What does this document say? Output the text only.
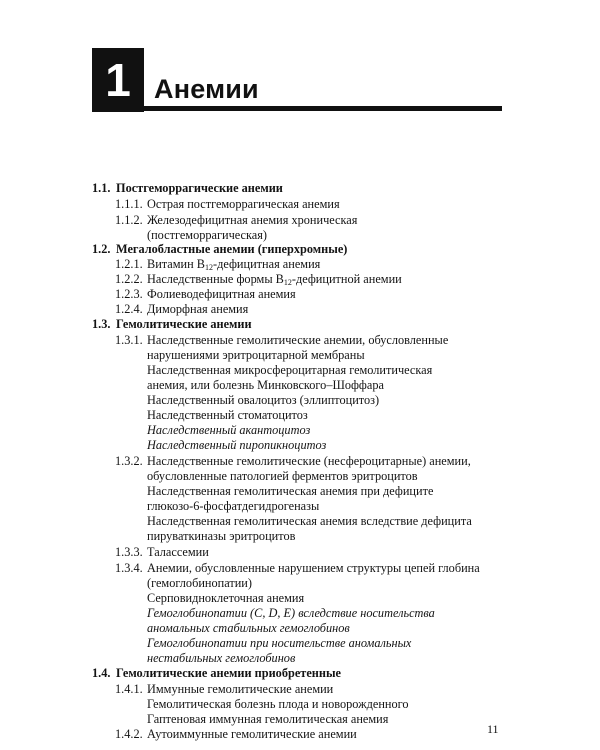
1 Анемии
1.1. Постгеморрагические анемии
1.1.1. Острая постгеморрагическая анемия
1.1.2. Железодефицитная анемия хроническая
(постгеморрагическая)
1.2. Мегалобластные анемии (гиперхромные)
1.2.1. Витамин $B_{12}$-дефицитная анемия
1.2.2. Наследственные формы $B_{12}$-дефицитной анемии
1.2.3. Фолиеводефицитная анемия
1.2.4. Диморфная анемия
1.3. Гемолитические анемии
1.3.1. Наследственные гемолитические анемии, обусловленные
нарушениями эритроцитарной мембраны
Наследственная микросфероцитарная гемолитическая
анемия, или болезнь Минковского–Шоффара
Наследственный овалоцитоз (эллиптоцитоз)
Наследственный стоматоцитоз
Наследственный акантоцитоз
Наследственный пиропикноцитоз
1.3.2. Наследственные гемолитические (несфероцитарные) анемии,
обусловленные патологией ферментов эритроцитов
Наследственная гемолитическая анемия при дефиците
глюкозо-6-фосфатдегидрогеназы
Наследственная гемолитическая анемия вследствие дефицита
пируваткиназы эритроцитов
1.3.3. Талассемии
1.3.4. Анемии, обусловленные нарушением структуры цепей глобина
(гемоглобинопатии)
Серповидноклеточная анемия
Гемоглобинопатии (C, D, E) вследствие носительства
аномальных стабильных гемоглобинов
Гемоглобинопатии при носительстве аномальных
нестабильных гемоглобинов
1.4. Гемолитические анемии приобретенные
1.4.1. Иммунные гемолитические анемии
Гемолитическая болезнь плода и новорожденного
Гаптеновая иммунная гемолитическая анемия
1.4.2. Аутоиммунные гемолитические анемии	11
